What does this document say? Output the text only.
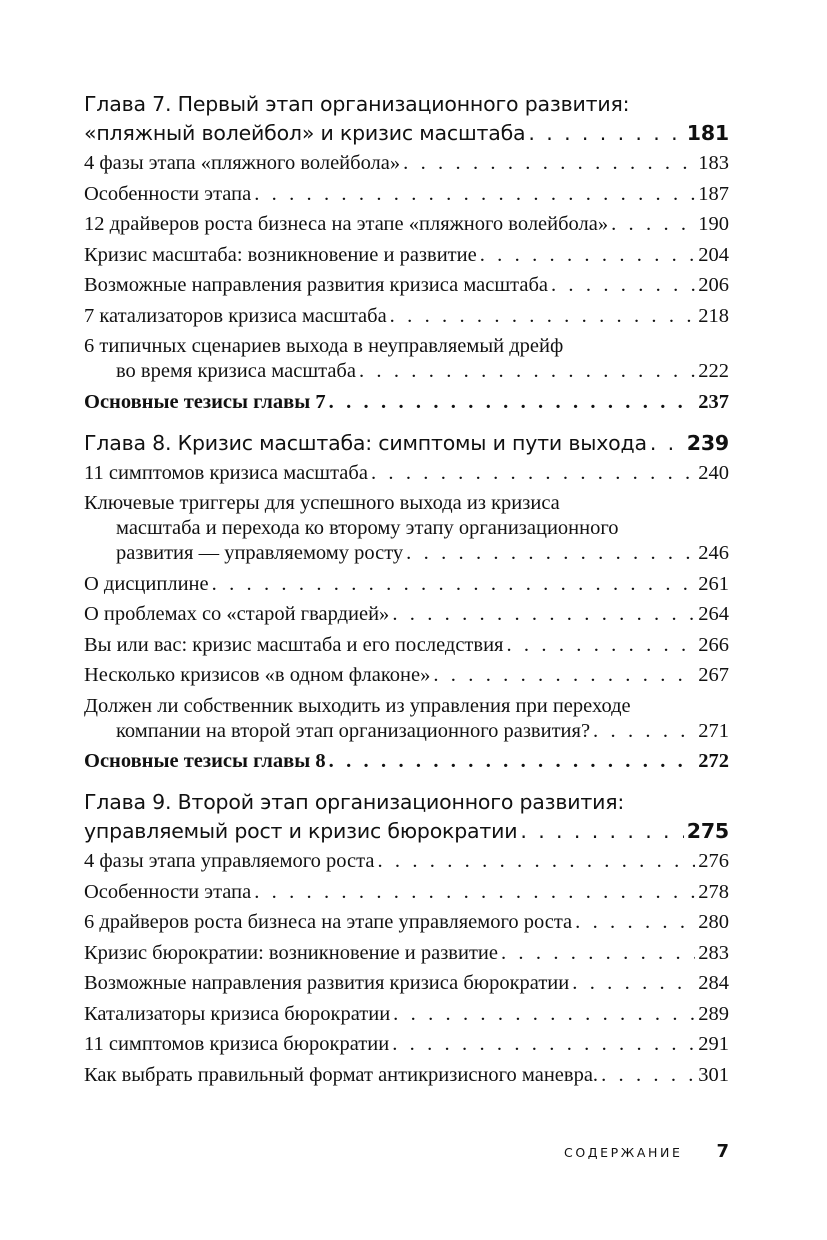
Глава 7. Первый этап организационного развития:
«пляжный волейбол» и кризис масштаба . . .	181
4 фазы этапа «пляжного волейбола» . . .	183
Особенности этапа . . .	187
12 драйверов роста бизнеса на этапе «пляжного волейбола» . . .	190
Кризис масштаба: возникновение и развитие . . .	204
Возможные направления развития кризиса масштаба . . .	206
7 катализаторов кризиса масштаба . . .	218
6 типичных сценариев выхода в неуправляемый дрейф
во время кризиса масштаба . . .	222
Основные тезисы главы 7 . . .	237
Глава 8. Кризис масштаба: симптомы и пути выхода . . . 239
11 симптомов кризиса масштаба . . .	240
Ключевые триггеры для успешного выхода из кризиса
масштаба и перехода ко второму этапу организационного
развития — управляемому росту . . .	246
О дисциплине . . .	261
О проблемах со «старой гвардией» . . .	264
Вы или вас: кризис масштаба и его последствия . . .	266
Несколько кризисов «в одном флаконе» . . .	267
Должен ли собственник выходить из управления при переходе
компании на второй этап организационного развития? . . .	271
Основные тезисы главы 8 . . .	272
Глава 9. Второй этап организационного развития:
управляемый рост и кризис бюрократии . . .	275
4 фазы этапа управляемого роста . . .	276
Особенности этапа . . .	278
6 драйверов роста бизнеса на этапе управляемого роста . . .	280
Кризис бюрократии: возникновение и развитие . . .	283
Возможные направления развития кризиса бюрократии . . .	284
Катализаторы кризиса бюрократии . . .	289
11 симптомов кризиса бюрократии . . .	291
Как выбрать правильный формат антикризисного маневра. . . .	301
СОДЕРЖАНИЕ 7
